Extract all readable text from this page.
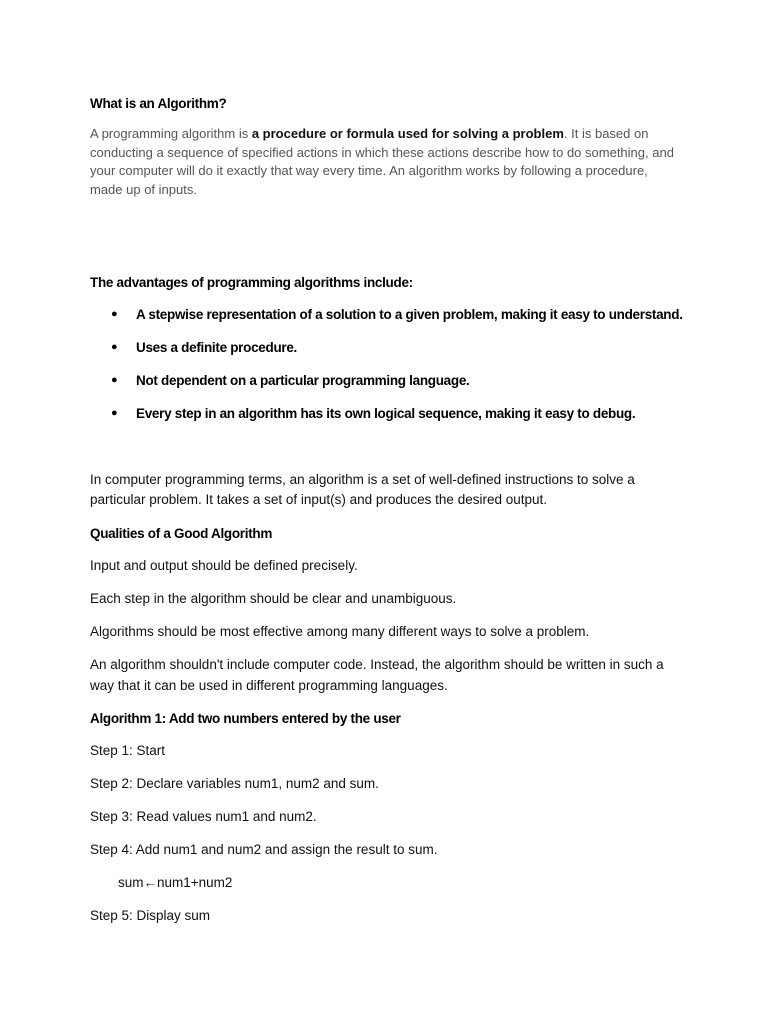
What is an Algorithm?

A programming algorithm is a procedure or formula used for solving a problem. It is based on conducting a sequence of specified actions in which these actions describe how to do something, and your computer will do it exactly that way every time. An algorithm works by following a procedure, made up of inputs.

The advantages of programming algorithms include:

● A stepwise representation of a solution to a given problem, making it easy to understand.
● Uses a definite procedure.
● Not dependent on a particular programming language.
● Every step in an algorithm has its own logical sequence, making it easy to debug.

In computer programming terms, an algorithm is a set of well-defined instructions to solve a particular problem. It takes a set of input(s) and produces the desired output.

Qualities of a Good Algorithm

Input and output should be defined precisely.

Each step in the algorithm should be clear and unambiguous.

Algorithms should be most effective among many different ways to solve a problem.

An algorithm shouldn't include computer code. Instead, the algorithm should be written in such a way that it can be used in different programming languages.

Algorithm 1: Add two numbers entered by the user

Step 1: Start

Step 2: Declare variables num1, num2 and sum.

Step 3: Read values num1 and num2.

Step 4: Add num1 and num2 and assign the result to sum.

sum←num1+num2

Step 5: Display sum
